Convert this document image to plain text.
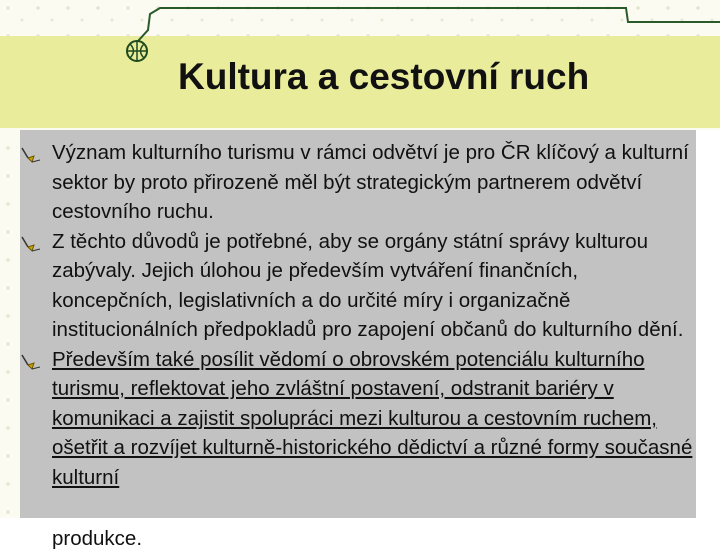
Kultura a cestovní ruch
Význam kulturního turismu v rámci odvětví je pro ČR klíčový a kulturní sektor by proto přirozeně měl být strategickým partnerem odvětví cestovního ruchu.
Z těchto důvodů je potřebné, aby se orgány státní správy kulturou zabývaly. Jejich úlohou je především vytváření finančních, koncepčních, legislativních a do určité míry i organizačně institucionálních předpokladů pro zapojení občanů do kulturního dění.
Především také posílit vědomí o obrovském potenciálu kulturního turismu, reflektovat jeho zvláštní postavení, odstranit bariéry v komunikaci a zajistit spolupráci mezi kulturou a cestovním ruchem, ošetřit a rozvíjet kulturně-historického dědictví a různé formy současné kulturní
produkce.
